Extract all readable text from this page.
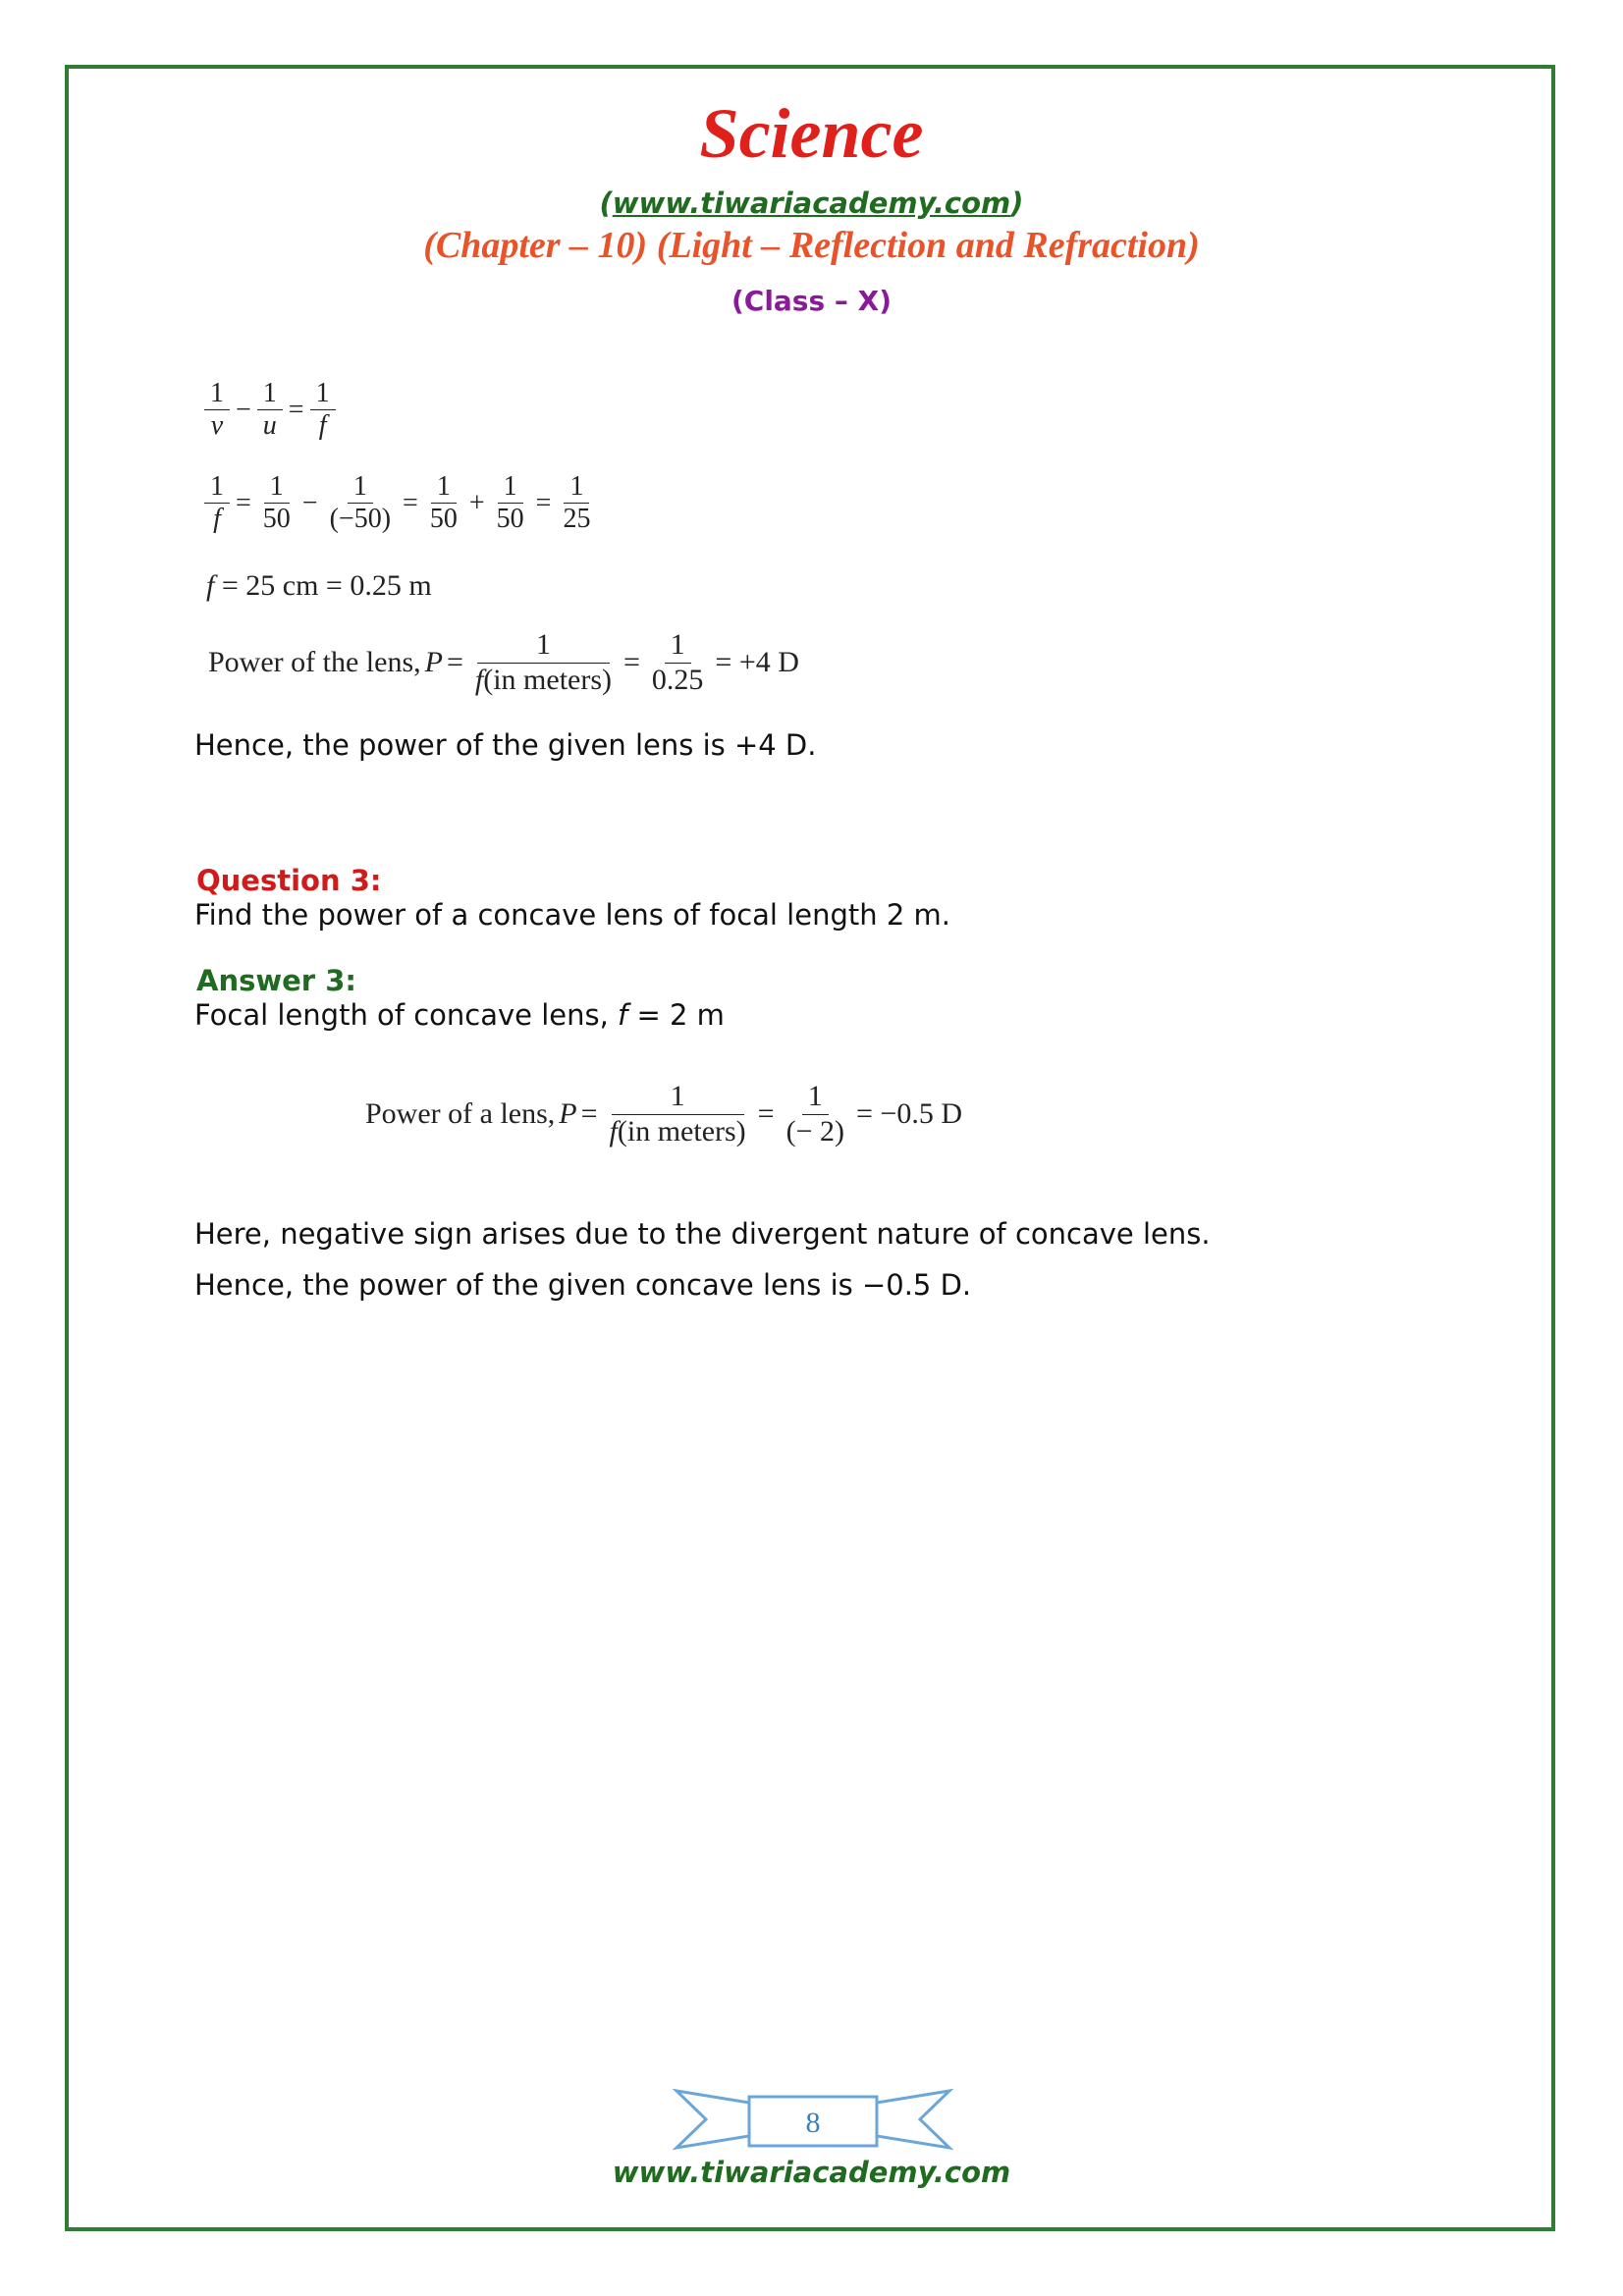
Science
(www.tiwariacademy.com)
(Chapter – 10) (Light – Reflection and Refraction)
(Class – X)
$\frac{1}{v} - \frac{1}{u} = \frac{1}{f}$
$\frac{1}{f} = \frac{1}{50} - \frac{1}{(-50)} = \frac{1}{50} + \frac{1}{50} = \frac{1}{25}$
f = 25 cm = 0.25 m
Power of the lens,P = $\frac{1}{\text{f(in meters)}} = \frac{1}{0.25} = +4$ D
Hence, the power of the given lens is +4 D.
Question 3:
Find the power of a concave lens of focal length 2 m.
Answer 3:
Focal length of concave lens, f = 2 m
Power of a lens,P = $\frac{1}{\text{f(in meters)}} = \frac{1}{(- 2)} = -0.5$ D
Here, negative sign arises due to the divergent nature of concave lens.
Hence, the power of the given concave lens is −0.5 D.
8
www.tiwariacademy.com
